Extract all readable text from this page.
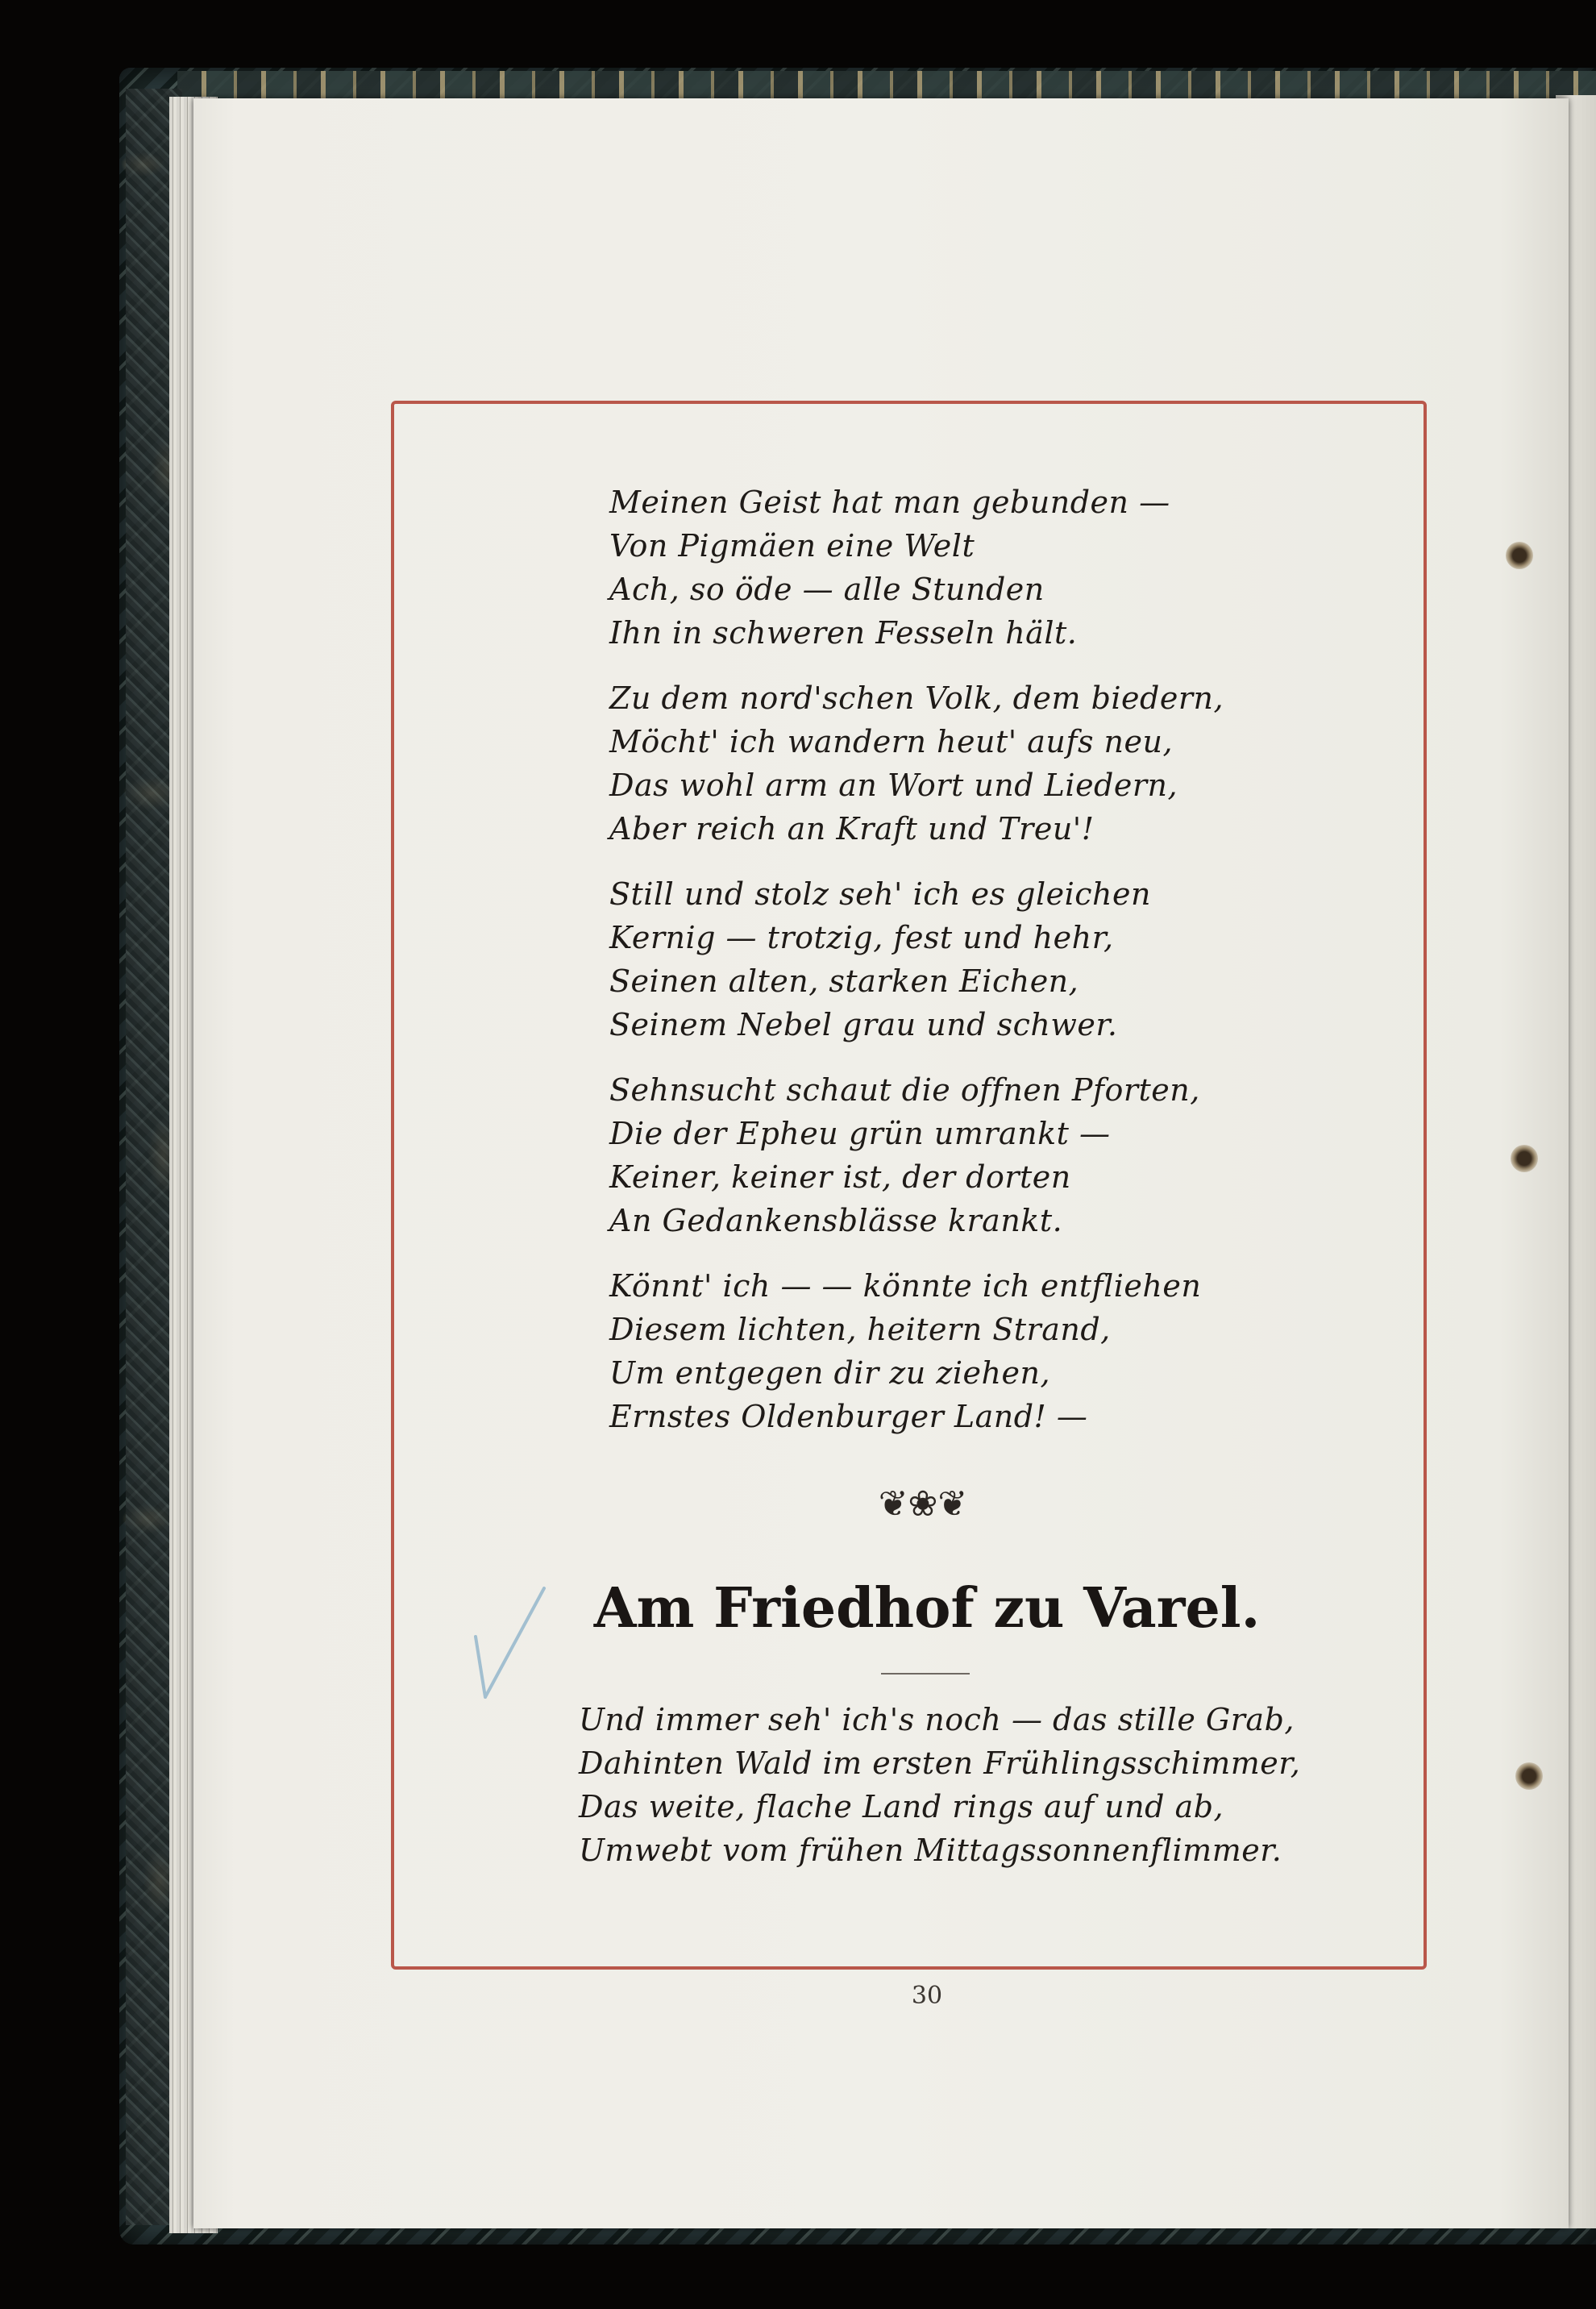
Meinen Geist hat man gebunden —
Von Pigmäen eine Welt
Ach, so öde — alle Stunden
Ihn in schweren Fesseln hält.
Zu dem nord'schen Volk, dem biedern,
Möcht' ich wandern heut' aufs neu,
Das wohl arm an Wort und Liedern,
Aber reich an Kraft und Treu'!
Still und stolz seh' ich es gleichen
Kernig — trotzig, fest und hehr,
Seinen alten, starken Eichen,
Seinem Nebel grau und schwer.
Sehnsucht schaut die offnen Pforten,
Die der Epheu grün umrankt —
Keiner, keiner ist, der dorten
An Gedankensblässe krankt.
Könnt' ich — — könnte ich entfliehen
Diesem lichten, heitern Strand,
Um entgegen dir zu ziehen,
Ernstes Oldenburger Land! —
❦❀❦
Am Friedhof zu Varel.
Und immer seh' ich's noch — das stille Grab,
Dahinten Wald im ersten Frühlingsschimmer,
Das weite, flache Land rings auf und ab,
Umwebt vom frühen Mittagssonnenflimmer.
30
